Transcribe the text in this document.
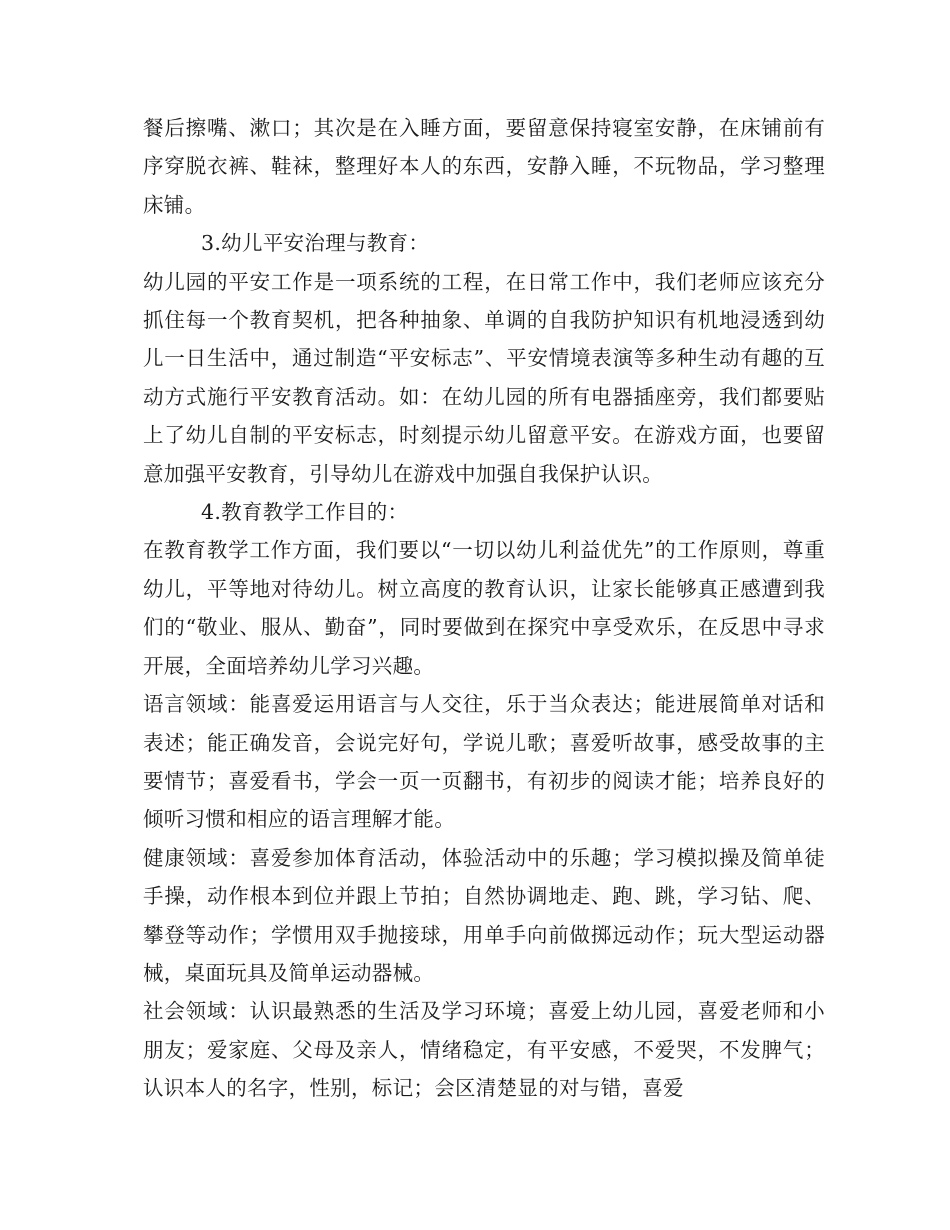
餐后擦嘴、漱口；其次是在入睡方面，要留意保持寝室安静，在床铺前有序穿脱衣裤、鞋袜，整理好本人的东西，安静入睡，不玩物品，学习整理床铺。

3.幼儿平安治理与教育：

幼儿园的平安工作是一项系统的工程，在日常工作中，我们老师应该充分抓住每一个教育契机，把各种抽象、单调的自我防护知识有机地浸透到幼儿一日生活中，通过制造“平安标志”、平安情境表演等多种生动有趣的互动方式施行平安教育活动。如：在幼儿园的所有电器插座旁，我们都要贴上了幼儿自制的平安标志，时刻提示幼儿留意平安。在游戏方面，也要留意加强平安教育，引导幼儿在游戏中加强自我保护认识。

4.教育教学工作目的：

在教育教学工作方面，我们要以“一切以幼儿利益优先”的工作原则，尊重幼儿，平等地对待幼儿。树立高度的教育认识，让家长能够真正感遭到我们的“敬业、服从、勤奋”，同时要做到在探究中享受欢乐，在反思中寻求开展，全面培养幼儿学习兴趣。

语言领域：能喜爱运用语言与人交往，乐于当众表达；能进展简单对话和表述；能正确发音，会说完好句，学说儿歌；喜爱听故事，感受故事的主要情节；喜爱看书，学会一页一页翻书，有初步的阅读才能；培养良好的倾听习惯和相应的语言理解才能。

健康领域：喜爱参加体育活动，体验活动中的乐趣；学习模拟操及简单徒手操，动作根本到位并跟上节拍；自然协调地走、跑、跳，学习钻、爬、攀登等动作；学惯用双手抛接球，用单手向前做掷远动作；玩大型运动器械，桌面玩具及简单运动器械。

社会领域：认识最熟悉的生活及学习环境；喜爱上幼儿园，喜爱老师和小朋友；爱家庭、父母及亲人，情绪稳定，有平安感，不爱哭，不发脾气；认识本人的名字，性别，标记；会区清楚显的对与错，喜爱
